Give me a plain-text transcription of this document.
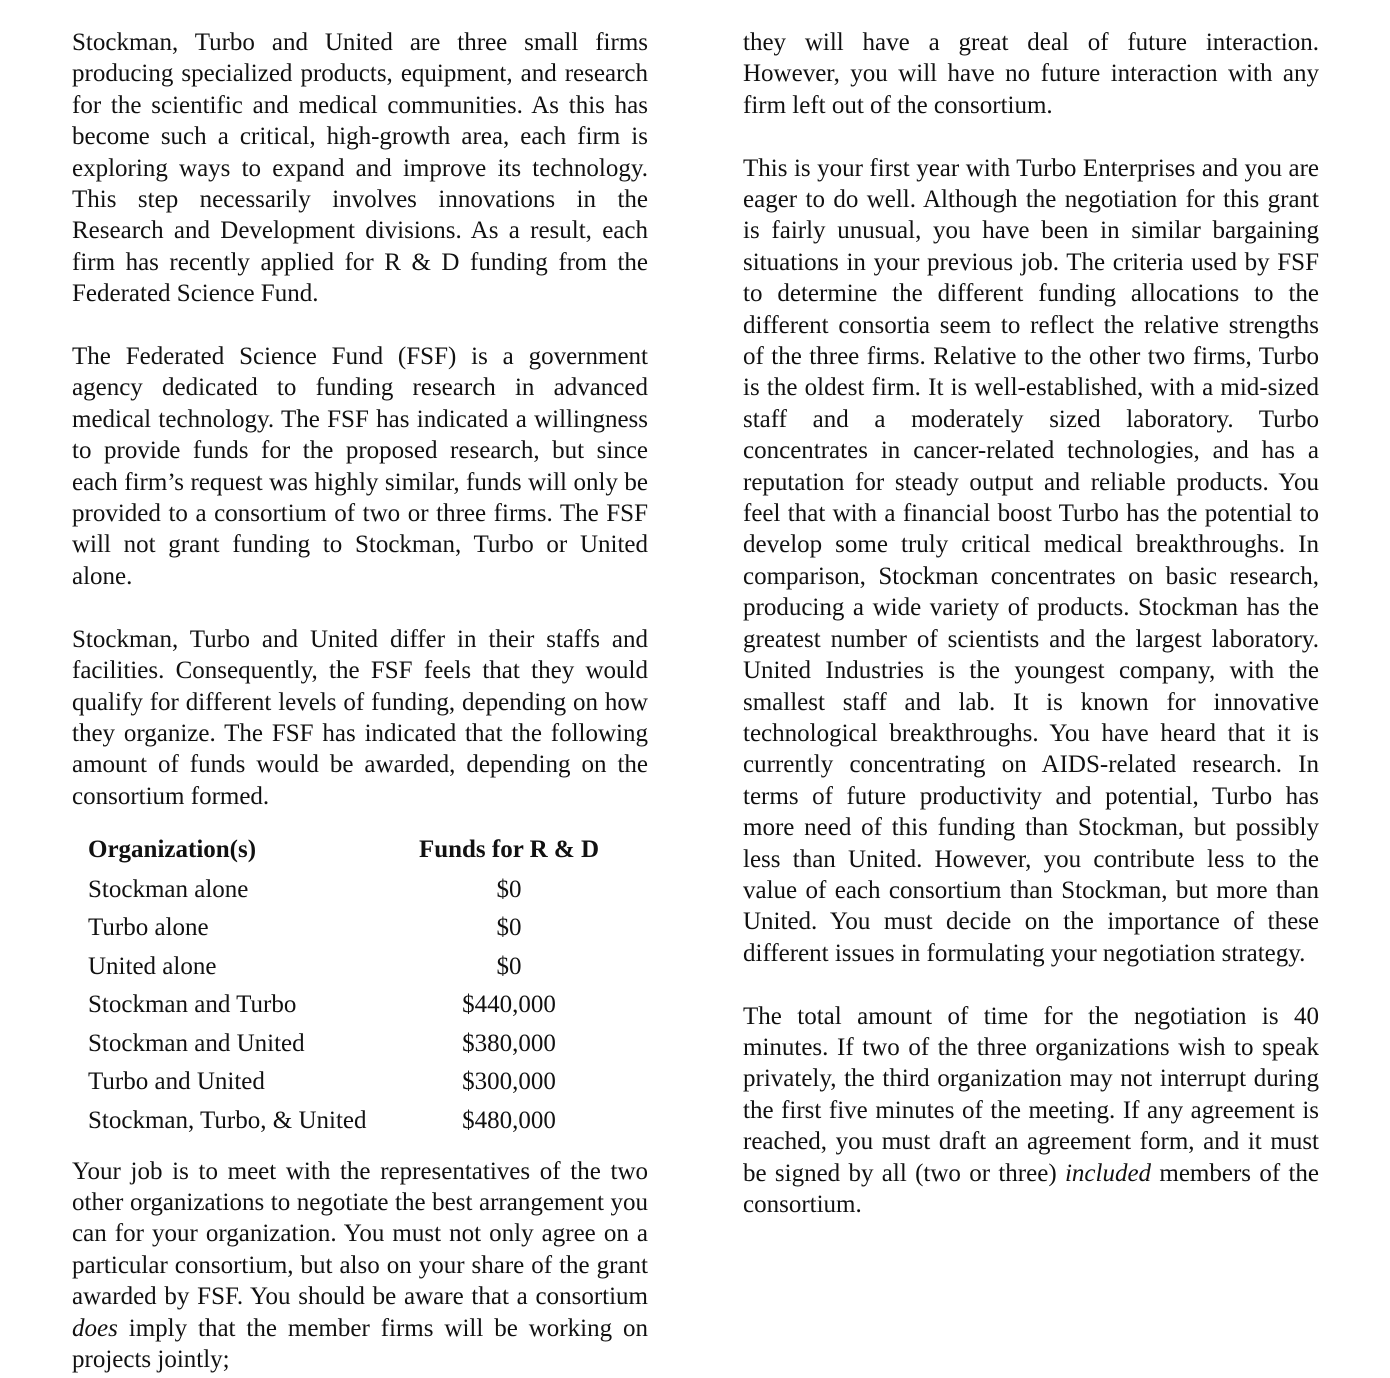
Stockman, Turbo and United are three small firms producing specialized products, equipment, and research for the scientific and medical communities. As this has become such a critical, high-growth area, each firm is exploring ways to expand and improve its technology. This step necessarily involves innovations in the Research and Development divisions. As a result, each firm has recently applied for R & D funding from the Federated Science Fund.

The Federated Science Fund (FSF) is a government agency dedicated to funding research in advanced medical technology. The FSF has indicated a willingness to provide funds for the proposed research, but since each firm’s request was highly similar, funds will only be provided to a consortium of two or three firms. The FSF will not grant funding to Stockman, Turbo or United alone.

Stockman, Turbo and United differ in their staffs and facilities. Consequently, the FSF feels that they would qualify for different levels of funding, depending on how they organize. The FSF has indicated that the following amount of funds would be awarded, depending on the consortium formed.

Organization(s)	Funds for R & D
Stockman alone	$0
Turbo alone	$0
United alone	$0
Stockman and Turbo	$440,000
Stockman and United	$380,000
Turbo and United	$300,000
Stockman, Turbo, & United	$480,000

Your job is to meet with the representatives of the two other organizations to negotiate the best arrangement you can for your organization. You must not only agree on a particular consortium, but also on your share of the grant awarded by FSF. You should be aware that a consortium does imply that the member firms will be working on projects jointly;

they will have a great deal of future interaction. However, you will have no future interaction with any firm left out of the consortium.

This is your first year with Turbo Enterprises and you are eager to do well. Although the negotiation for this grant is fairly unusual, you have been in similar bargaining situations in your previous job. The criteria used by FSF to determine the different funding allocations to the different consortia seem to reflect the relative strengths of the three firms. Relative to the other two firms, Turbo is the oldest firm. It is well-established, with a mid-sized staff and a moderately sized laboratory. Turbo concentrates in cancer-related technologies, and has a reputation for steady output and reliable products. You feel that with a financial boost Turbo has the potential to develop some truly critical medical breakthroughs. In comparison, Stockman concentrates on basic research, producing a wide variety of products. Stockman has the greatest number of scientists and the largest laboratory. United Industries is the youngest company, with the smallest staff and lab. It is known for innovative technological breakthroughs. You have heard that it is currently concentrating on AIDS-related research. In terms of future productivity and potential, Turbo has more need of this funding than Stockman, but possibly less than United. However, you contribute less to the value of each consortium than Stockman, but more than United. You must decide on the importance of these different issues in formulating your negotiation strategy.

The total amount of time for the negotiation is 40 minutes. If two of the three organizations wish to speak privately, the third organization may not interrupt during the first five minutes of the meeting. If any agreement is reached, you must draft an agreement form, and it must be signed by all (two or three) included members of the consortium.
